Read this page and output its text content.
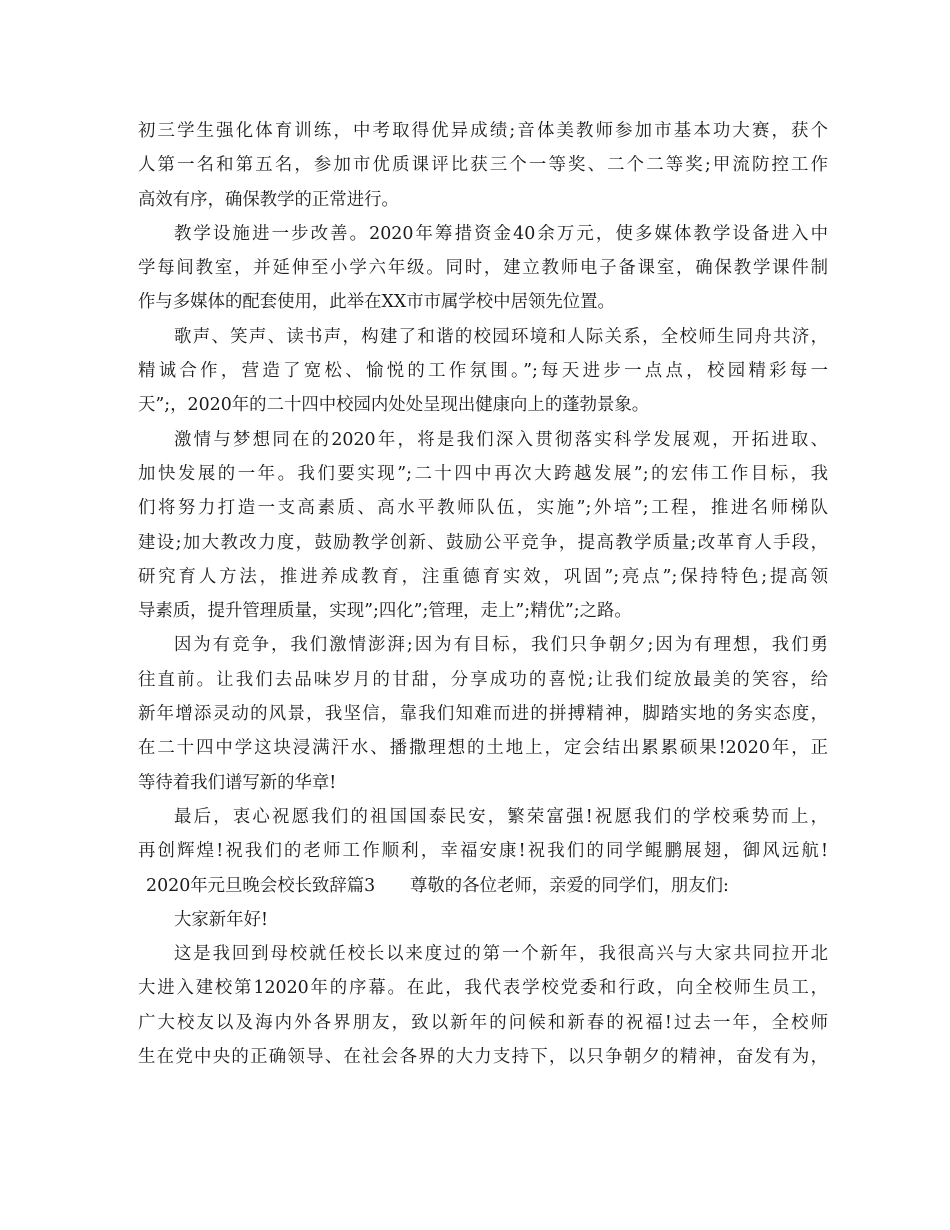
初三学生强化体育训练，中考取得优异成绩;音体美教师参加市基本功大赛，获个
人第一名和第五名，参加市优质课评比获三个一等奖、二个二等奖;甲流防控工作
高效有序，确保教学的正常进行。
教学设施进一步改善。2020年筹措资金40余万元，使多媒体教学设备进入中
学每间教室，并延伸至小学六年级。同时，建立教师电子备课室，确保教学课件制
作与多媒体的配套使用，此举在XX市市属学校中居领先位置。
歌声、笑声、读书声，构建了和谐的校园环境和人际关系，全校师生同舟共济，
精诚合作，营造了宽松、愉悦的工作氛围。”;每天进步一点点，校园精彩每一
天”;，2020年的二十四中校园内处处呈现出健康向上的蓬勃景象。
激情与梦想同在的2020年，将是我们深入贯彻落实科学发展观，开拓进取、
加快发展的一年。我们要实现”;二十四中再次大跨越发展”;的宏伟工作目标，我
们将努力打造一支高素质、高水平教师队伍，实施”;外培”;工程，推进名师梯队
建设;加大教改力度，鼓励教学创新、鼓励公平竞争，提高教学质量;改革育人手段，
研究育人方法，推进养成教育，注重德育实效，巩固”;亮点”;保持特色;提高领
导素质，提升管理质量，实现”;四化”;管理，走上”;精优”;之路。
因为有竞争，我们激情澎湃;因为有目标，我们只争朝夕;因为有理想，我们勇
往直前。让我们去品味岁月的甘甜，分享成功的喜悦;让我们绽放最美的笑容，给
新年增添灵动的风景，我坚信，靠我们知难而进的拼搏精神，脚踏实地的务实态度，
在二十四中学这块浸满汗水、播撒理想的土地上，定会结出累累硕果!2020年，正
等待着我们谱写新的华章!
最后，衷心祝愿我们的祖国国泰民安，繁荣富强!祝愿我们的学校乘势而上，
再创辉煌!祝我们的老师工作顺利，幸福安康!祝我们的同学鲲鹏展翅，御风远航!
2020年元旦晚会校长致辞篇3　　尊敬的各位老师，亲爱的同学们，朋友们:
大家新年好!
这是我回到母校就任校长以来度过的第一个新年，我很高兴与大家共同拉开北
大进入建校第12020年的序幕。在此，我代表学校党委和行政，向全校师生员工，
广大校友以及海内外各界朋友，致以新年的问候和新春的祝福!过去一年，全校师
生在党中央的正确领导、在社会各界的大力支持下，以只争朝夕的精神，奋发有为，
